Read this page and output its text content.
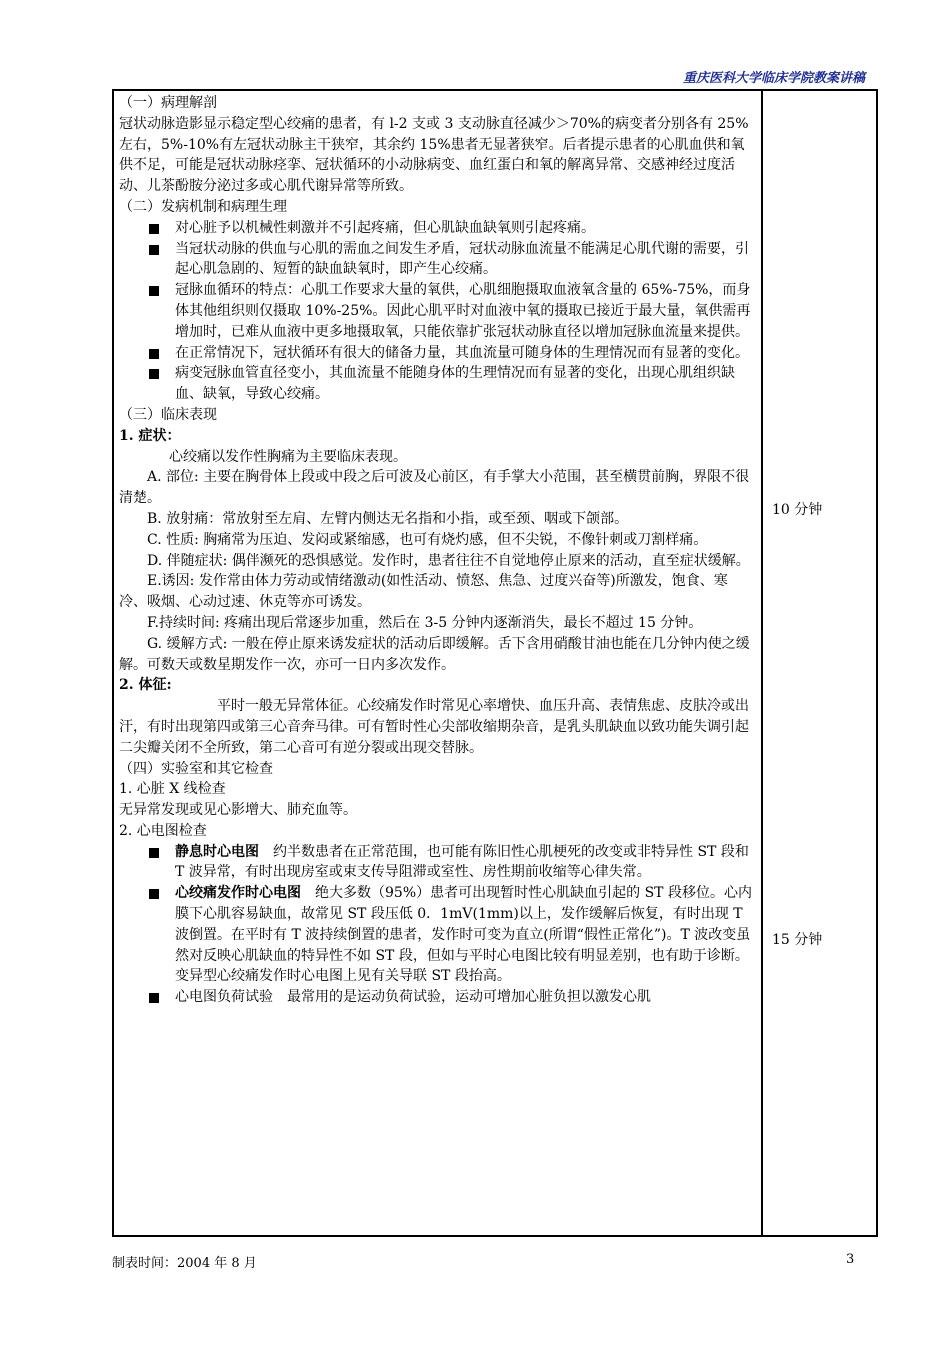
重庆医科大学临床学院教案讲稿

（一）病理解剖

冠状动脉造影显示稳定型心绞痛的患者，有 l-2 支或 3 支动脉直径减少＞70%的病变者分别各有 25%左右，5%-10%有左冠状动脉主干狭窄，其余约 15%患者无显著狭窄。后者提示患者的心肌血供和氧供不足，可能是冠状动脉痉挛、冠状循环的小动脉病变、血红蛋白和氧的解离异常、交感神经过度活动、儿茶酚胺分泌过多或心肌代谢异常等所致。

（二）发病机制和病理生理

对心脏予以机械性刺激并不引起疼痛，但心肌缺血缺氧则引起疼痛。
当冠状动脉的供血与心肌的需血之间发生矛盾，冠状动脉血流量不能满足心肌代谢的需要，引起心肌急剧的、短暂的缺血缺氧时，即产生心绞痛。
冠脉血循环的特点：心肌工作要求大量的氧供，心肌细胞摄取血液氧含量的 65%-75%，而身体其他组织则仅摄取 10%-25%。因此心肌平时对血液中氧的摄取已接近于最大量，氧供需再增加时，已难从血液中更多地摄取氧，只能依靠扩张冠状动脉直径以增加冠脉血流量来提供。
在正常情况下，冠状循环有很大的储备力量，其血流量可随身体的生理情况而有显著的变化。
病变冠脉血管直径变小，其血流量不能随身体的生理情况而有显著的变化，出现心肌组织缺血、缺氧，导致心绞痛。

（三）临床表现

1. 症状：

心绞痛以发作性胸痛为主要临床表现。

A. 部位: 主要在胸骨体上段或中段之后可波及心前区，有手掌大小范围，甚至横贯前胸，界限不很清楚。

B. 放射痛：常放射至左肩、左臂内侧达无名指和小指，或至颈、咽或下颌部。

C. 性质: 胸痛常为压迫、发闷或紧缩感，也可有烧灼感，但不尖锐，不像针刺或刀割样痛。

D. 伴随症状: 偶伴濒死的恐惧感觉。发作时，患者往往不自觉地停止原来的活动，直至症状缓解。

E.诱因: 发作常由体力劳动或情绪激动(如性活动、愤怒、焦急、过度兴奋等)所激发，饱食、寒冷、吸烟、心动过速、休克等亦可诱发。

F.持续时间: 疼痛出现后常逐步加重，然后在 3-5 分钟内逐渐消失，最长不超过 15 分钟。

G. 缓解方式: 一般在停止原来诱发症状的活动后即缓解。舌下含用硝酸甘油也能在几分钟内使之缓解。可数天或数星期发作一次，亦可一日内多次发作。

2. 体征:

平时一般无异常体征。心绞痛发作时常见心率增快、血压升高、表情焦虑、皮肤冷或出汗，有时出现第四或第三心音奔马律。可有暂时性心尖部收缩期杂音，是乳头肌缺血以致功能失调引起二尖瓣关闭不全所致，第二心音可有逆分裂或出现交替脉。

（四）实验室和其它检查

1. 心脏 X 线检查

无异常发现或见心影增大、肺充血等。

2. 心电图检查

静息时心电图　约半数患者在正常范围，也可能有陈旧性心肌梗死的改变或非特异性 ST 段和 T 波异常，有时出现房室或束支传导阻滞或室性、房性期前收缩等心律失常。
心绞痛发作时心电图　绝大多数（95%）患者可出现暂时性心肌缺血引起的 ST 段移位。心内膜下心肌容易缺血，故常见 ST 段压低 0．1mV(1mm)以上，发作缓解后恢复，有时出现 T 波倒置。在平时有 T 波持续倒置的患者，发作时可变为直立(所谓“假性正常化”)。T 波改变虽然对反映心肌缺血的特异性不如 ST 段，但如与平时心电图比较有明显差别，也有助于诊断。变异型心绞痛发作时心电图上见有关导联 ST 段抬高。
心电图负荷试验　最常用的是运动负荷试验，运动可增加心脏负担以激发心肌
10 分钟
15 分钟
制表时间：2004 年 8 月	3
